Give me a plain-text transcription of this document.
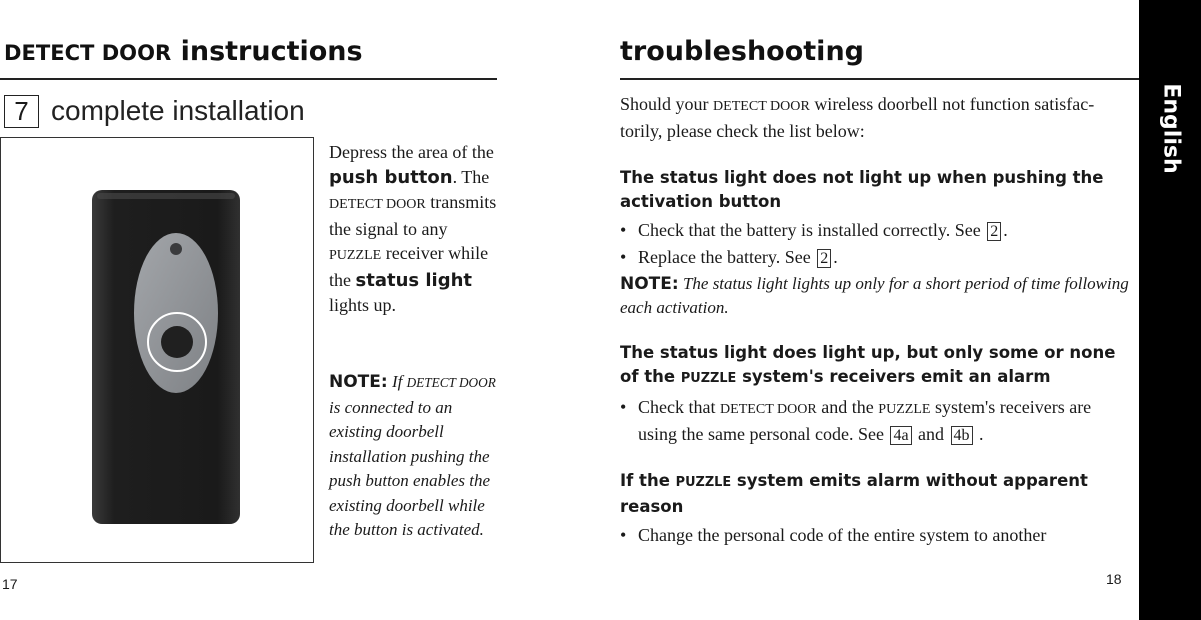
DETECT DOOR instructions
7 complete installation
Depress the area of the push button. The DETECT DOOR transmits the signal to any PUZZLE receiver while the status light lights up.
NOTE: If DETECT DOOR is connected to an existing doorbell installation pushing the push button enables the existing doorbell while the button is activated.
17
troubleshooting

Should your DETECT DOOR wireless doorbell not function satisfac-torily, please check the list below:

The status light does not light up when pushing the activation button
• Check that the battery is installed correctly. See 2 .
• Replace the battery. See 2 .

NOTE: The status light lights up only for a short period of time following each activation.

The status light does light up, but only some or none of the PUZZLE system's receivers emit an alarm
• Check that DETECT DOOR and the PUZZLE system's receivers are using the same personal code. See 4a and 4b .
If the PUZZLE system emits alarm without apparent reason
• Change the personal code of the entire system to another
18
English
